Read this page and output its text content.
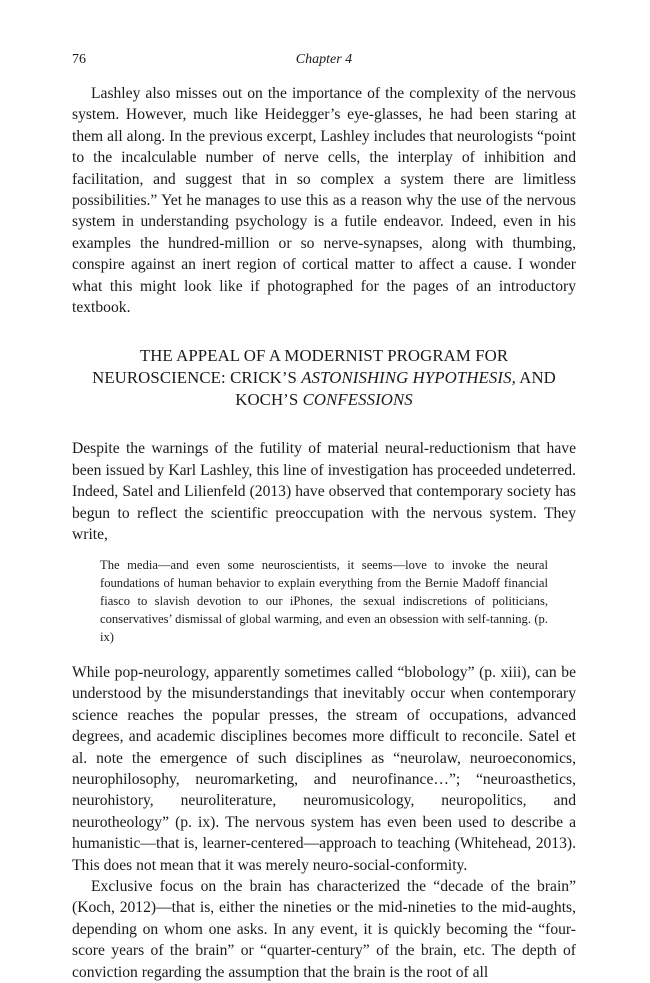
76	Chapter 4

Lashley also misses out on the importance of the complexity of the nervous system. However, much like Heidegger’s eye-glasses, he had been staring at them all along. In the previous excerpt, Lashley includes that neurologists “point to the incalculable number of nerve cells, the interplay of inhibition and facilitation, and suggest that in so complex a system there are limitless possibilities.” Yet he manages to use this as a reason why the use of the nervous system in understanding psychology is a futile endeavor. Indeed, even in his examples the hundred-million or so nerve-synapses, along with thumbing, conspire against an inert region of cortical matter to affect a cause. I wonder what this might look like if photographed for the pages of an introductory textbook.

THE APPEAL OF A MODERNIST PROGRAM FOR NEUROSCIENCE: CRICK’S ASTONISHING HYPOTHESIS, AND KOCH’S CONFESSIONS

Despite the warnings of the futility of material neural-reductionism that have been issued by Karl Lashley, this line of investigation has proceeded undeterred. Indeed, Satel and Lilienfeld (2013) have observed that contemporary society has begun to reflect the scientific preoccupation with the nervous system. They write,

The media—and even some neuroscientists, it seems—love to invoke the neural foundations of human behavior to explain everything from the Bernie Madoff financial fiasco to slavish devotion to our iPhones, the sexual indiscretions of politicians, conservatives’ dismissal of global warming, and even an obsession with self-tanning. (p. ix)

While pop-neurology, apparently sometimes called “blobology” (p. xiii), can be understood by the misunderstandings that inevitably occur when contemporary science reaches the popular presses, the stream of occupations, advanced degrees, and academic disciplines becomes more difficult to reconcile. Satel et al. note the emergence of such disciplines as “neurolaw, neuroeconomics, neurophilosophy, neuromarketing, and neurofinance…”; “neuroasthetics, neurohistory, neuroliterature, neuromusicology, neuropolitics, and neurotheology” (p. ix). The nervous system has even been used to describe a humanistic—that is, learner-centered—approach to teaching (Whitehead, 2013). This does not mean that it was merely neuro-social-conformity.

Exclusive focus on the brain has characterized the “decade of the brain” (Koch, 2012)—that is, either the nineties or the mid-nineties to the mid-aughts, depending on whom one asks. In any event, it is quickly becoming the “four-score years of the brain” or “quarter-century” of the brain, etc. The depth of conviction regarding the assumption that the brain is the root of all
